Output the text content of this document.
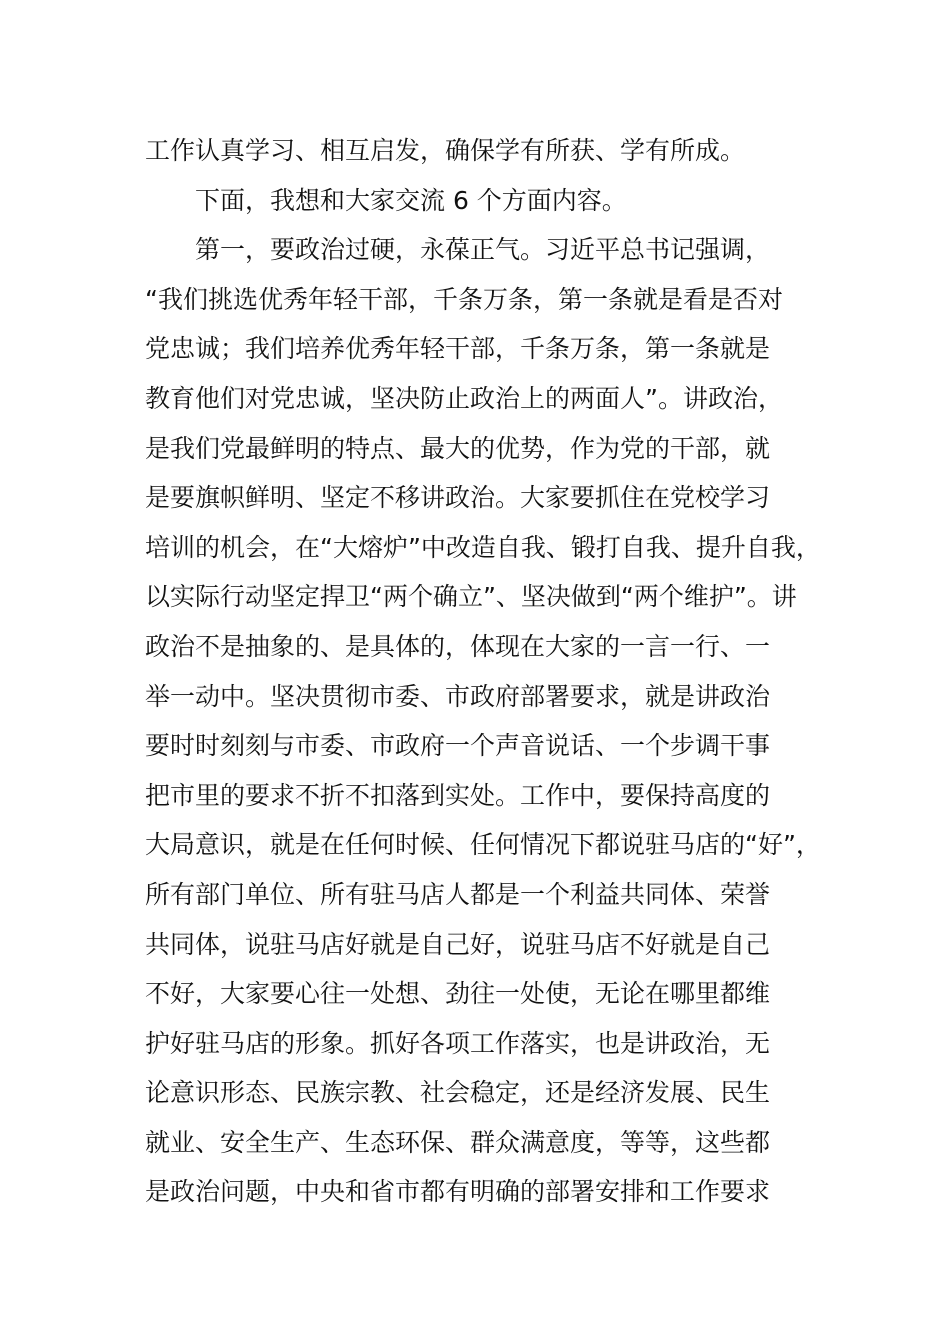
工作认真学习、相互启发，确保学有所获、学有所成。
下面，我想和大家交流 6 个方面内容。
第一，要政治过硬，永葆正气。习近平总书记强调，
“我们挑选优秀年轻干部，千条万条，第一条就是看是否对
党忠诚；我们培养优秀年轻干部，千条万条，第一条就是
教育他们对党忠诚，坚决防止政治上的两面人”。讲政治，
是我们党最鲜明的特点、最大的优势，作为党的干部，就
是要旗帜鲜明、坚定不移讲政治。大家要抓住在党校学习
培训的机会，在“大熔炉”中改造自我、锻打自我、提升自我，
以实际行动坚定捍卫“两个确立”、坚决做到“两个维护”。讲
政治不是抽象的、是具体的，体现在大家的一言一行、一
举一动中。坚决贯彻市委、市政府部署要求，就是讲政治
要时时刻刻与市委、市政府一个声音说话、一个步调干事
把市里的要求不折不扣落到实处。工作中，要保持高度的
大局意识，就是在任何时候、任何情况下都说驻马店的“好”，
所有部门单位、所有驻马店人都是一个利益共同体、荣誉
共同体，说驻马店好就是自己好，说驻马店不好就是自己
不好，大家要心往一处想、劲往一处使，无论在哪里都维
护好驻马店的形象。抓好各项工作落实，也是讲政治，无
论意识形态、民族宗教、社会稳定，还是经济发展、民生
就业、安全生产、生态环保、群众满意度，等等，这些都
是政治问题，中央和省市都有明确的部署安排和工作要求
